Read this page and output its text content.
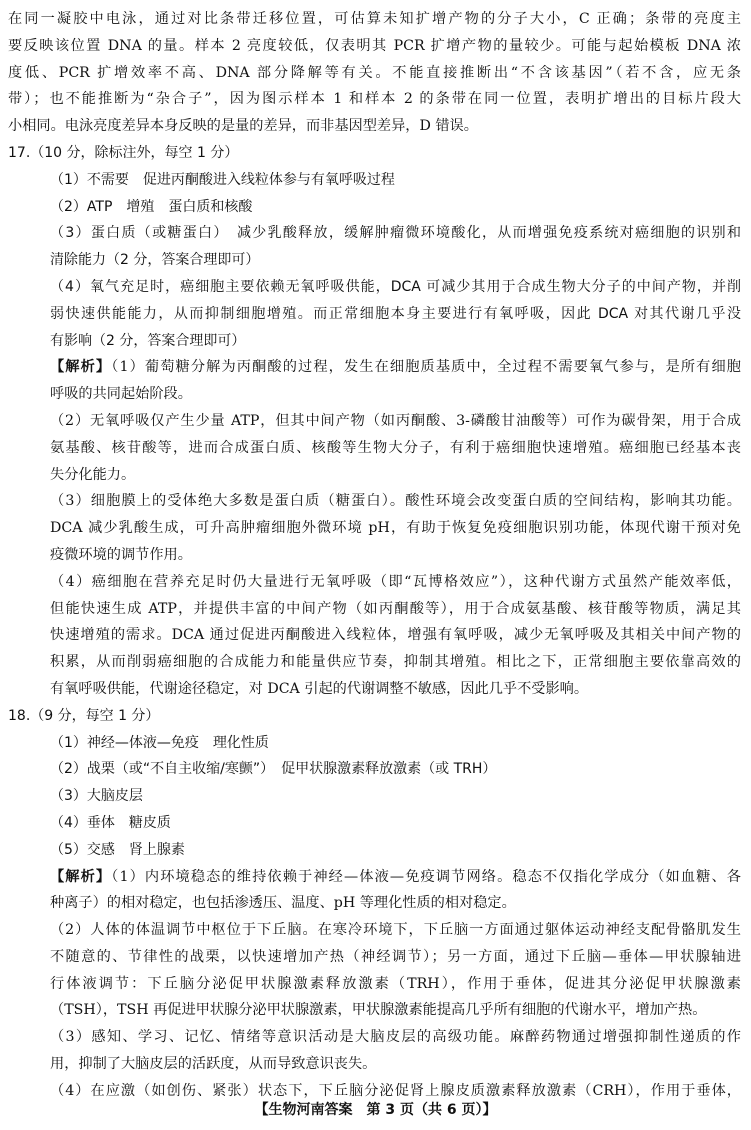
在同一凝胶中电泳，通过对比条带迁移位置，可估算未知扩增产物的分子大小，C 正确；条带的亮度主
要反映该位置 DNA 的量。样本 2 亮度较低，仅表明其 PCR 扩增产物的量较少。可能与起始模板 DNA 浓
度低、PCR 扩增效率不高、DNA 部分降解等有关。不能直接推断出“不含该基因”（若不含，应无条
带）；也不能推断为“杂合子”，因为图示样本 1 和样本 2 的条带在同一位置，表明扩增出的目标片段大
小相同。电泳亮度差异本身反映的是量的差异，而非基因型差异，D 错误。
17.（10 分，除标注外，每空 1 分）
（1）不需要　促进丙酮酸进入线粒体参与有氧呼吸过程
（2）ATP　增殖　蛋白质和核酸
（3）蛋白质（或糖蛋白）　减少乳酸释放，缓解肿瘤微环境酸化，从而增强免疫系统对癌细胞的识别和
清除能力（2 分，答案合理即可）
（4）氧气充足时，癌细胞主要依赖无氧呼吸供能，DCA 可减少其用于合成生物大分子的中间产物，并削
弱快速供能能力，从而抑制细胞增殖。而正常细胞本身主要进行有氧呼吸，因此 DCA 对其代谢几乎没
有影响（2 分，答案合理即可）
【解析】（1）葡萄糖分解为丙酮酸的过程，发生在细胞质基质中，全过程不需要氧气参与，是所有细胞
呼吸的共同起始阶段。
（2）无氧呼吸仅产生少量 ATP，但其中间产物（如丙酮酸、3-磷酸甘油酸等）可作为碳骨架，用于合成
氨基酸、核苷酸等，进而合成蛋白质、核酸等生物大分子，有利于癌细胞快速增殖。癌细胞已经基本丧
失分化能力。
（3）细胞膜上的受体绝大多数是蛋白质（糖蛋白）。酸性环境会改变蛋白质的空间结构，影响其功能。
DCA 减少乳酸生成，可升高肿瘤细胞外微环境 pH，有助于恢复免疫细胞识别功能，体现代谢干预对免
疫微环境的调节作用。
（4）癌细胞在营养充足时仍大量进行无氧呼吸（即“瓦博格效应”），这种代谢方式虽然产能效率低，
但能快速生成 ATP，并提供丰富的中间产物（如丙酮酸等），用于合成氨基酸、核苷酸等物质，满足其
快速增殖的需求。DCA 通过促进丙酮酸进入线粒体，增强有氧呼吸，减少无氧呼吸及其相关中间产物的
积累，从而削弱癌细胞的合成能力和能量供应节奏，抑制其增殖。相比之下，正常细胞主要依靠高效的
有氧呼吸供能，代谢途径稳定，对 DCA 引起的代谢调整不敏感，因此几乎不受影响。
18.（9 分，每空 1 分）
（1）神经—体液—免疫　理化性质
（2）战栗（或“不自主收缩/寒颤”）　促甲状腺激素释放激素（或 TRH）
（3）大脑皮层
（4）垂体　糖皮质
（5）交感　肾上腺素
【解析】（1）内环境稳态的维持依赖于神经—体液—免疫调节网络。稳态不仅指化学成分（如血糖、各
种离子）的相对稳定，也包括渗透压、温度、pH 等理化性质的相对稳定。
（2）人体的体温调节中枢位于下丘脑。在寒冷环境下，下丘脑一方面通过躯体运动神经支配骨骼肌发生
不随意的、节律性的战栗，以快速增加产热（神经调节）；另一方面，通过下丘脑—垂体—甲状腺轴进
行体液调节：下丘脑分泌促甲状腺激素释放激素（TRH），作用于垂体，促进其分泌促甲状腺激素
（TSH），TSH 再促进甲状腺分泌甲状腺激素，甲状腺激素能提高几乎所有细胞的代谢水平，增加产热。
（3）感知、学习、记忆、情绪等意识活动是大脑皮层的高级功能。麻醉药物通过增强抑制性递质的作
用，抑制了大脑皮层的活跃度，从而导致意识丧失。
（4）在应激（如创伤、紧张）状态下，下丘脑分泌促肾上腺皮质激素释放激素（CRH），作用于垂体，
【生物河南答案　第 3 页（共 6 页）】
